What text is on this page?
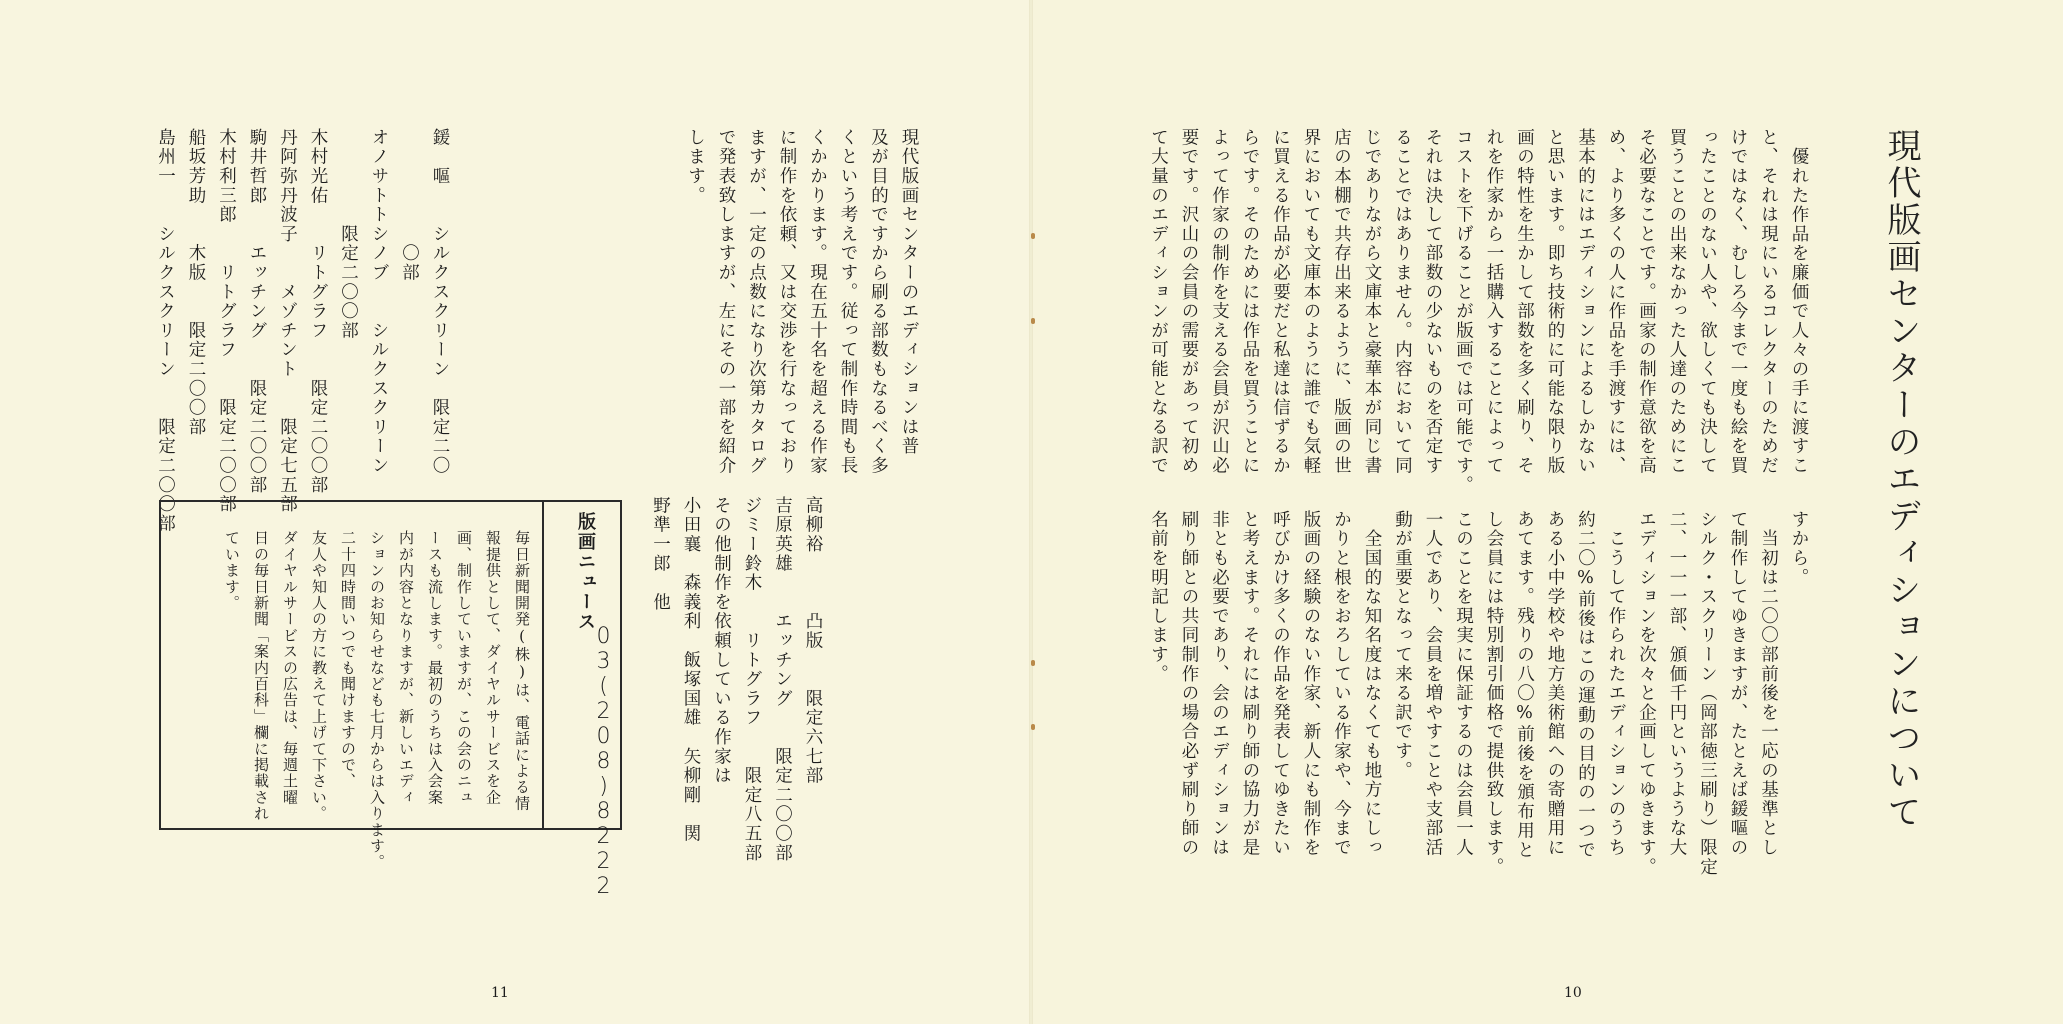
現代版画センターのエディションは普
及が目的ですから刷る部数もなるべく多
くという考えです。従って制作時間も長
くかかります。現在五十名を超える作家
に制作を依頼、又は交渉を行なっており
ますが、一定の点数になり次第カタログ
で発表致しますが、左にその一部を紹介
します。

鍰　嘔　　シルクスクリーン　限定二〇
　　　　　　〇部
オノサトトシノブ　　シルクスクリーン
　　　　　限定二〇〇部
木村光佑　　リトグラフ　　限定二〇〇部
丹阿弥丹波子　　メゾチント　　限定七五部
駒井哲郎　　エッチング　　限定二〇〇部
木村利三郎　　リトグラフ　　限定二〇〇部
船坂芳助　　木版　　限定二〇〇部
島州一　　シルクスクリーン　　限定二〇〇部	高柳裕　　　凸版　　限定六七部
吉原英雄　　エッチング　　限定二〇〇部
ジミー鈴木　　リトグラフ　　限定八五部
その他制作を依頼している作家は
小田襄　森義利　飯塚国雄　矢柳剛　関
野準一郎　他

版画ニュース
03(208)8222
毎日新聞開発(株)は、電話による情
報提供として、ダイヤルサービスを企
画、制作していますが、この会のニュ
ースも流します。最初のうちは入会案
内が内容となりますが、新しいエディ
ションのお知らせなども七月からは入ります。
二十四時間いつでも聞けますので、
友人や知人の方に教えて上げて下さい。
ダイヤルサービスの広告は、毎週土曜
日の毎日新聞「案内百科」欄に掲載され
ています。
11

現代版画センターのエディションについて

　優れた作品を廉価で人々の手に渡すこ
と、それは現にいるコレクターのためだ
けではなく、むしろ今まで一度も絵を買
ったことのない人や、欲しくても決して
買うことの出来なかった人達のためにこ
そ必要なことです。画家の制作意欲を高
め、より多くの人に作品を手渡すには、
基本的にはエディションによるしかない
と思います。即ち技術的に可能な限り版
画の特性を生かして部数を多く刷り、そ
れを作家から一括購入することによって
コストを下げることが版画では可能です。
それは決して部数の少ないものを否定す
ることではありません。内容において同
じでありながら文庫本と豪華本が同じ書
店の本棚で共存出来るように、版画の世
界においても文庫本のように誰でも気軽
に買える作品が必要だと私達は信ずるか
らです。そのためには作品を買うことに
よって作家の制作を支える会員が沢山必
要です。沢山の会員の需要があって初め
て大量のエディションが可能となる訳で

すから。
　当初は二〇〇部前後を一応の基準とし
て制作してゆきますが、たとえば鍰嘔の
シルク・スクリーン（岡部徳三刷り）限定
二、一一一部、頒価千円というような大
エディションを次々と企画してゆきます。
　こうして作られたエディションのうち
約二〇%前後はこの運動の目的の一つで
ある小中学校や地方美術館への寄贈用に
あてます。残りの八〇%前後を頒布用と
し会員には特別割引価格で提供致します。
このことを現実に保証するのは会員一人
一人であり、会員を増やすことや支部活
動が重要となって来る訳です。
　全国的な知名度はなくても地方にしっ
かりと根をおろしている作家や、今まで
版画の経験のない作家、新人にも制作を
呼びかけ多くの作品を発表してゆきたい
と考えます。それには刷り師の協力が是
非とも必要であり、会のエディションは
刷り師との共同制作の場合必ず刷り師の
名前を明記します。

10
